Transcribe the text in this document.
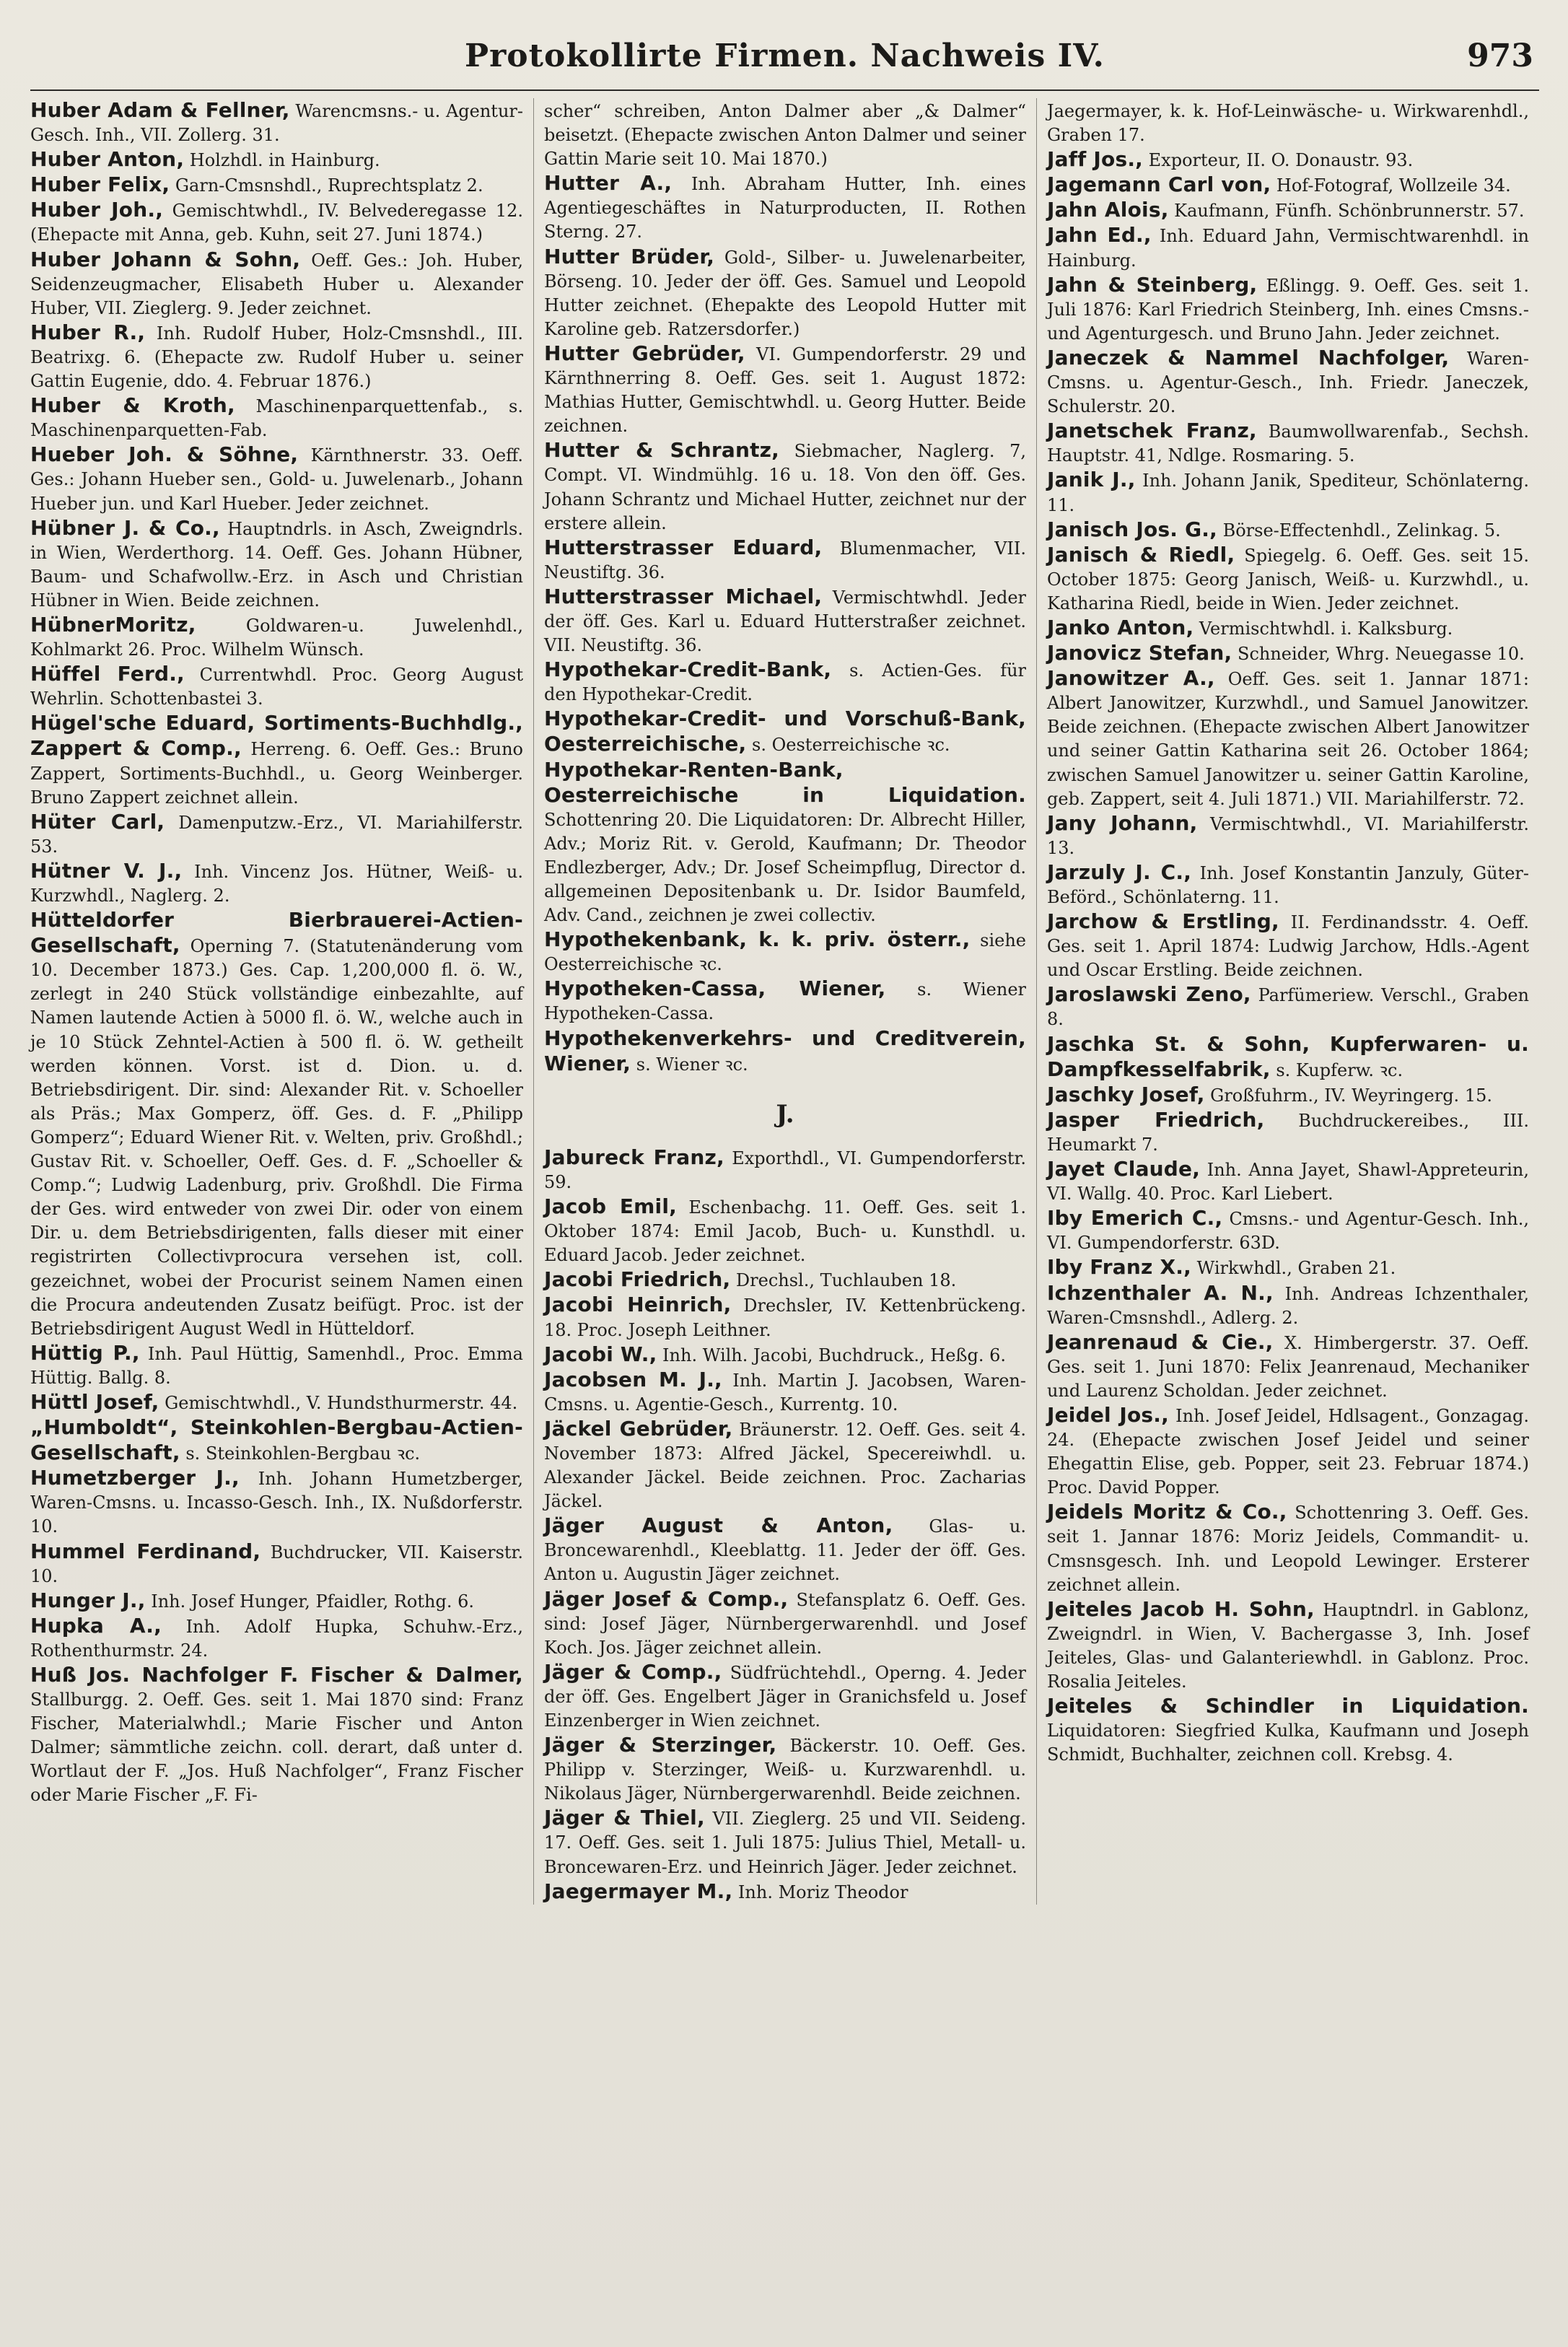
Protokollirte Firmen. Nachweis IV.	973

Huber Adam & Fellner, Warencmsns.- u. Agentur-Gesch. Inh., VII. Zollerg. 31.

Huber Anton, Holzhdl. in Hainburg.

Huber Felix, Garn-Cmsnshdl., Ruprechtsplatz 2.

Huber Joh., Gemischtwhdl., IV. Belvederegasse 12. (Ehepacte mit Anna, geb. Kuhn, seit 27. Juni 1874.)

Huber Johann & Sohn, Oeff. Ges.: Joh. Huber, Seidenzeugmacher, Elisabeth Huber u. Alexander Huber, VII. Zieglerg. 9. Jeder zeichnet.

Huber R., Inh. Rudolf Huber, Holz-Cmsnshdl., III. Beatrixg. 6. (Ehepacte zw. Rudolf Huber u. seiner Gattin Eugenie, ddo. 4. Februar 1876.)

Huber & Kroth, Maschinenparquettenfab., s. Maschinenparquetten-Fab.

Hueber Joh. & Söhne, Kärnthnerstr. 33. Oeff. Ges.: Johann Hueber sen., Gold- u. Juwelenarb., Johann Hueber jun. und Karl Hueber. Jeder zeichnet.

Hübner J. & Co., Hauptndrls. in Asch, Zweigndrls. in Wien, Werderthorg. 14. Oeff. Ges. Johann Hübner, Baum- und Schafwollw.-Erz. in Asch und Christian Hübner in Wien. Beide zeichnen.

HübnerMoritz, Goldwaren-u. Juwelenhdl., Kohlmarkt 26. Proc. Wilhelm Wünsch.

Hüffel Ferd., Currentwhdl. Proc. Georg August Wehrlin. Schottenbastei 3.

Hügel'sche Eduard, Sortiments-Buchhdlg., Zappert & Comp., Herreng. 6. Oeff. Ges.: Bruno Zappert, Sortiments-Buchhdl., u. Georg Weinberger. Bruno Zappert zeichnet allein.

Hüter Carl, Damenputzw.-Erz., VI. Mariahilferstr. 53.

Hütner V. J., Inh. Vincenz Jos. Hütner, Weiß- u. Kurzwhdl., Naglerg. 2.

Hütteldorfer Bierbrauerei-Actien-Gesellschaft, Operning 7. (Statutenänderung vom 10. December 1873.) Ges. Cap. 1,200,000 fl. ö. W., zerlegt in 240 Stück vollständige einbezahlte, auf Namen lautende Actien à 5000 fl. ö. W., welche auch in je 10 Stück Zehntel-Actien à 500 fl. ö. W. getheilt werden können. Vorst. ist d. Dion. u. d. Betriebsdirigent. Dir. sind: Alexander Rit. v. Schoeller als Präs.; Max Gomperz, öff. Ges. d. F. „Philipp Gomperz“; Eduard Wiener Rit. v. Welten, priv. Großhdl.; Gustav Rit. v. Schoeller, Oeff. Ges. d. F. „Schoeller & Comp.“; Ludwig Ladenburg, priv. Großhdl. Die Firma der Ges. wird entweder von zwei Dir. oder von einem Dir. u. dem Betriebsdirigenten, falls dieser mit einer registrirten Collectivprocura versehen ist, coll. gezeichnet, wobei der Procurist seinem Namen einen die Procura andeutenden Zusatz beifügt. Proc. ist der Betriebsdirigent August Wedl in Hütteldorf.

Hüttig P., Inh. Paul Hüttig, Samenhdl., Proc. Emma Hüttig. Ballg. 8.

Hüttl Josef, Gemischtwhdl., V. Hundsthurmerstr. 44.

„Humboldt“, Steinkohlen-Bergbau-Actien-Gesellschaft, s. Steinkohlen-Bergbau ꝛc.

Humetzberger J., Inh. Johann Humetzberger, Waren-Cmsns. u. Incasso-Gesch. Inh., IX. Nußdorferstr. 10.

Hummel Ferdinand, Buchdrucker, VII. Kaiserstr. 10.

Hunger J., Inh. Josef Hunger, Pfaidler, Rothg. 6.

Hupka A., Inh. Adolf Hupka, Schuhw.-Erz., Rothenthurmstr. 24.

Huß Jos. Nachfolger F. Fischer & Dalmer, Stallburgg. 2. Oeff. Ges. seit 1. Mai 1870 sind: Franz Fischer, Materialwhdl.; Marie Fischer und Anton Dalmer; sämmtliche zeichn. coll. derart, daß unter d. Wortlaut der F. „Jos. Huß Nachfolger“, Franz Fischer oder Marie Fischer „F. Fi-

scher“ schreiben, Anton Dalmer aber „& Dalmer“ beisetzt. (Ehepacte zwischen Anton Dalmer und seiner Gattin Marie seit 10. Mai 1870.)

Hutter A., Inh. Abraham Hutter, Inh. eines Agentiegeschäftes in Naturproducten, II. Rothen Sterng. 27.

Hutter Brüder, Gold-, Silber- u. Juwelenarbeiter, Börseng. 10. Jeder der öff. Ges. Samuel und Leopold Hutter zeichnet. (Ehepakte des Leopold Hutter mit Karoline geb. Ratzersdorfer.)

Hutter Gebrüder, VI. Gumpendorferstr. 29 und Kärnthnerring 8. Oeff. Ges. seit 1. August 1872: Mathias Hutter, Gemischtwhdl. u. Georg Hutter. Beide zeichnen.

Hutter & Schrantz, Siebmacher, Naglerg. 7, Compt. VI. Windmühlg. 16 u. 18. Von den öff. Ges. Johann Schrantz und Michael Hutter, zeichnet nur der erstere allein.

Hutterstrasser Eduard, Blumenmacher, VII. Neustiftg. 36.

Hutterstrasser Michael, Vermischtwhdl. Jeder der öff. Ges. Karl u. Eduard Hutterstraßer zeichnet. VII. Neustiftg. 36.

Hypothekar-Credit-Bank, s. Actien-Ges. für den Hypothekar-Credit.

Hypothekar-Credit- und Vorschuß-Bank, Oesterreichische, s. Oesterreichische ꝛc.

Hypothekar-Renten-Bank, Oesterreichische in Liquidation. Schottenring 20. Die Liquidatoren: Dr. Albrecht Hiller, Adv.; Moriz Rit. v. Gerold, Kaufmann; Dr. Theodor Endlezberger, Adv.; Dr. Josef Scheimpflug, Director d. allgemeinen Depositenbank u. Dr. Isidor Baumfeld, Adv. Cand., zeichnen je zwei collectiv.

Hypothekenbank, k. k. priv. österr., siehe Oesterreichische ꝛc.

Hypotheken-Cassa, Wiener, s. Wiener Hypotheken-Cassa.

Hypothekenverkehrs- und Creditverein, Wiener, s. Wiener ꝛc.

J.

Jabureck Franz, Exporthdl., VI. Gumpendorferstr. 59.

Jacob Emil, Eschenbachg. 11. Oeff. Ges. seit 1. Oktober 1874: Emil Jacob, Buch- u. Kunsthdl. u. Eduard Jacob. Jeder zeichnet.

Jacobi Friedrich, Drechsl., Tuchlauben 18.

Jacobi Heinrich, Drechsler, IV. Kettenbrückeng. 18. Proc. Joseph Leithner.

Jacobi W., Inh. Wilh. Jacobi, Buchdruck., Heßg. 6.

Jacobsen M. J., Inh. Martin J. Jacobsen, Waren-Cmsns. u. Agentie-Gesch., Kurrentg. 10.

Jäckel Gebrüder, Bräunerstr. 12. Oeff. Ges. seit 4. November 1873: Alfred Jäckel, Specereiwhdl. u. Alexander Jäckel. Beide zeichnen. Proc. Zacharias Jäckel.

Jäger August & Anton, Glas- u. Broncewarenhdl., Kleeblattg. 11. Jeder der öff. Ges. Anton u. Augustin Jäger zeichnet.

Jäger Josef & Comp., Stefansplatz 6. Oeff. Ges. sind: Josef Jäger, Nürnbergerwarenhdl. und Josef Koch. Jos. Jäger zeichnet allein.

Jäger & Comp., Südfrüchtehdl., Operng. 4. Jeder der öff. Ges. Engelbert Jäger in Granichsfeld u. Josef Einzenberger in Wien zeichnet.

Jäger & Sterzinger, Bäckerstr. 10. Oeff. Ges. Philipp v. Sterzinger, Weiß- u. Kurzwarenhdl. u. Nikolaus Jäger, Nürnbergerwarenhdl. Beide zeichnen.

Jäger & Thiel, VII. Zieglerg. 25 und VII. Seideng. 17. Oeff. Ges. seit 1. Juli 1875: Julius Thiel, Metall- u. Broncewaren-Erz. und Heinrich Jäger. Jeder zeichnet.

Jaegermayer M., Inh. Moriz Theodor

Jaegermayer, k. k. Hof-Leinwäsche- u. Wirkwarenhdl., Graben 17.

Jaff Jos., Exporteur, II. O. Donaustr. 93.

Jagemann Carl von, Hof-Fotograf, Wollzeile 34.

Jahn Alois, Kaufmann, Fünfh. Schönbrunnerstr. 57.

Jahn Ed., Inh. Eduard Jahn, Vermischtwarenhdl. in Hainburg.

Jahn & Steinberg, Eßlingg. 9. Oeff. Ges. seit 1. Juli 1876: Karl Friedrich Steinberg, Inh. eines Cmsns.- und Agenturgesch. und Bruno Jahn. Jeder zeichnet.

Janeczek & Nammel Nachfolger, Waren-Cmsns. u. Agentur-Gesch., Inh. Friedr. Janeczek, Schulerstr. 20.

Janetschek Franz, Baumwollwarenfab., Sechsh. Hauptstr. 41, Ndlge. Rosmaring. 5.

Janik J., Inh. Johann Janik, Spediteur, Schönlaterng. 11.

Janisch Jos. G., Börse-Effectenhdl., Zelinkag. 5.

Janisch & Riedl, Spiegelg. 6. Oeff. Ges. seit 15. October 1875: Georg Janisch, Weiß- u. Kurzwhdl., u. Katharina Riedl, beide in Wien. Jeder zeichnet.

Janko Anton, Vermischtwhdl. i. Kalksburg.

Janovicz Stefan, Schneider, Whrg. Neuegasse 10.

Janowitzer A., Oeff. Ges. seit 1. Jannar 1871: Albert Janowitzer, Kurzwhdl., und Samuel Janowitzer. Beide zeichnen. (Ehepacte zwischen Albert Janowitzer und seiner Gattin Katharina seit 26. October 1864; zwischen Samuel Janowitzer u. seiner Gattin Karoline, geb. Zappert, seit 4. Juli 1871.) VII. Mariahilferstr. 72.

Jany Johann, Vermischtwhdl., VI. Mariahilferstr. 13.

Jarzuly J. C., Inh. Josef Konstantin Janzuly, Güter-Beförd., Schönlaterng. 11.

Jarchow & Erstling, II. Ferdinandsstr. 4. Oeff. Ges. seit 1. April 1874: Ludwig Jarchow, Hdls.-Agent und Oscar Erstling. Beide zeichnen.

Jaroslawski Zeno, Parfümeriew. Verschl., Graben 8.

Jaschka St. & Sohn, Kupferwaren- u. Dampfkesselfabrik, s. Kupferw. ꝛc.

Jaschky Josef, Großfuhrm., IV. Weyringerg. 15.

Jasper Friedrich, Buchdruckereibes., III. Heumarkt 7.

Jayet Claude, Inh. Anna Jayet, Shawl-Appreteurin, VI. Wallg. 40. Proc. Karl Liebert.

Iby Emerich C., Cmsns.- und Agentur-Gesch. Inh., VI. Gumpendorferstr. 63D.

Iby Franz X., Wirkwhdl., Graben 21.

Ichzenthaler A. N., Inh. Andreas Ichzenthaler, Waren-Cmsnshdl., Adlerg. 2.

Jeanrenaud & Cie., X. Himbergerstr. 37. Oeff. Ges. seit 1. Juni 1870: Felix Jeanrenaud, Mechaniker und Laurenz Scholdan. Jeder zeichnet.

Jeidel Jos., Inh. Josef Jeidel, Hdlsagent., Gonzagag. 24. (Ehepacte zwischen Josef Jeidel und seiner Ehegattin Elise, geb. Popper, seit 23. Februar 1874.) Proc. David Popper.

Jeidels Moritz & Co., Schottenring 3. Oeff. Ges. seit 1. Jannar 1876: Moriz Jeidels, Commandit- u. Cmsnsgesch. Inh. und Leopold Lewinger. Ersterer zeichnet allein.

Jeiteles Jacob H. Sohn, Hauptndrl. in Gablonz, Zweigndrl. in Wien, V. Bachergasse 3, Inh. Josef Jeiteles, Glas- und Galanteriewhdl. in Gablonz. Proc. Rosalia Jeiteles.

Jeiteles & Schindler in Liquidation. Liquidatoren: Siegfried Kulka, Kaufmann und Joseph Schmidt, Buchhalter, zeichnen coll. Krebsg. 4.
